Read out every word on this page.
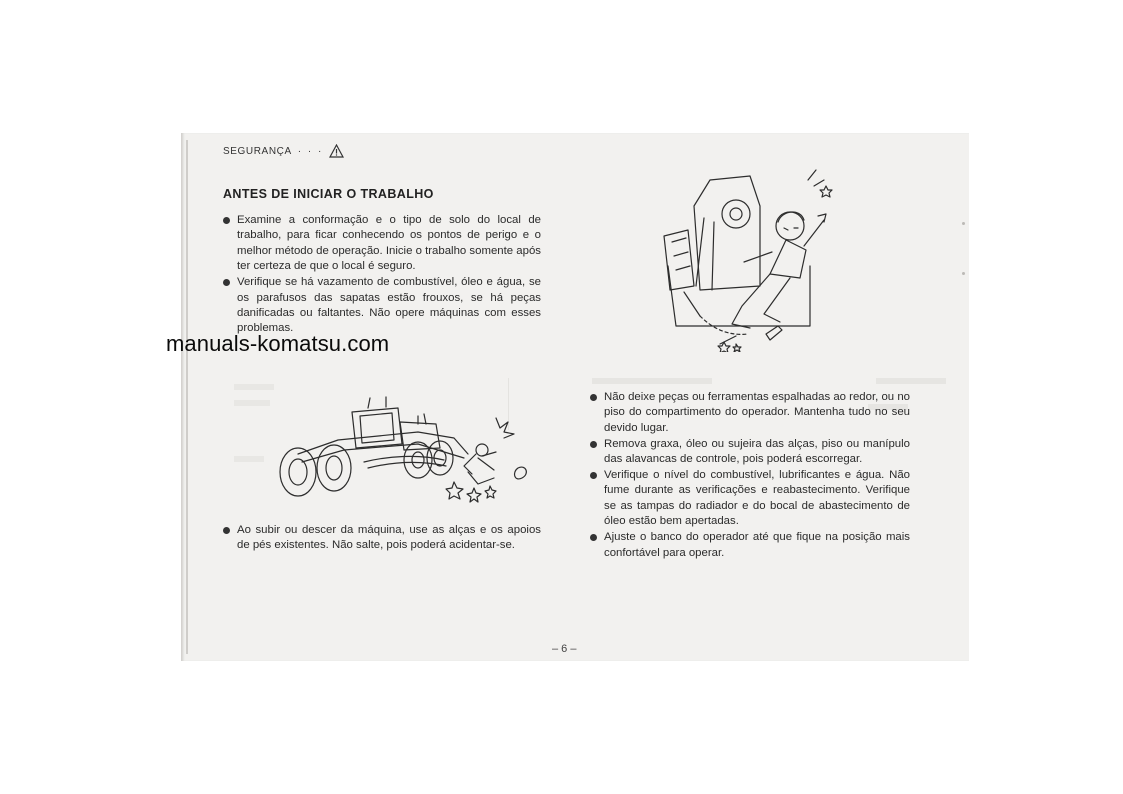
SEGURANÇA · · ·
ANTES DE INICIAR O TRABALHO
Examine a conformação e o tipo de solo do local de trabalho, para ficar conhecendo os pontos de perigo e o melhor método de operação. Inicie o trabalho somente após ter certeza de que o local é seguro.
Verifique se há vazamento de combustível, óleo e água, se os parafusos das sapatas estão frouxos, se há peças danificadas ou faltantes. Não opere máquinas com esses problemas.
manuals-komatsu.com
Ao subir ou descer da máquina, use as alças e os apoios de pés existentes. Não salte, pois poderá acidentar-se.
Não deixe peças ou ferramentas espalhadas ao redor, ou no piso do compartimento do operador. Mantenha tudo no seu devido lugar.
Remova graxa, óleo ou sujeira das alças, piso ou manípulo das alavancas de controle, pois poderá escorregar.
Verifique o nível do combustível, lubrificantes e água. Não fume durante as verificações e reabastecimento. Verifique se as tampas do radiador e do bocal de abastecimento de óleo estão bem apertadas.
Ajuste o banco do operador até que fique na posição mais confortável para operar.
– 6 –
